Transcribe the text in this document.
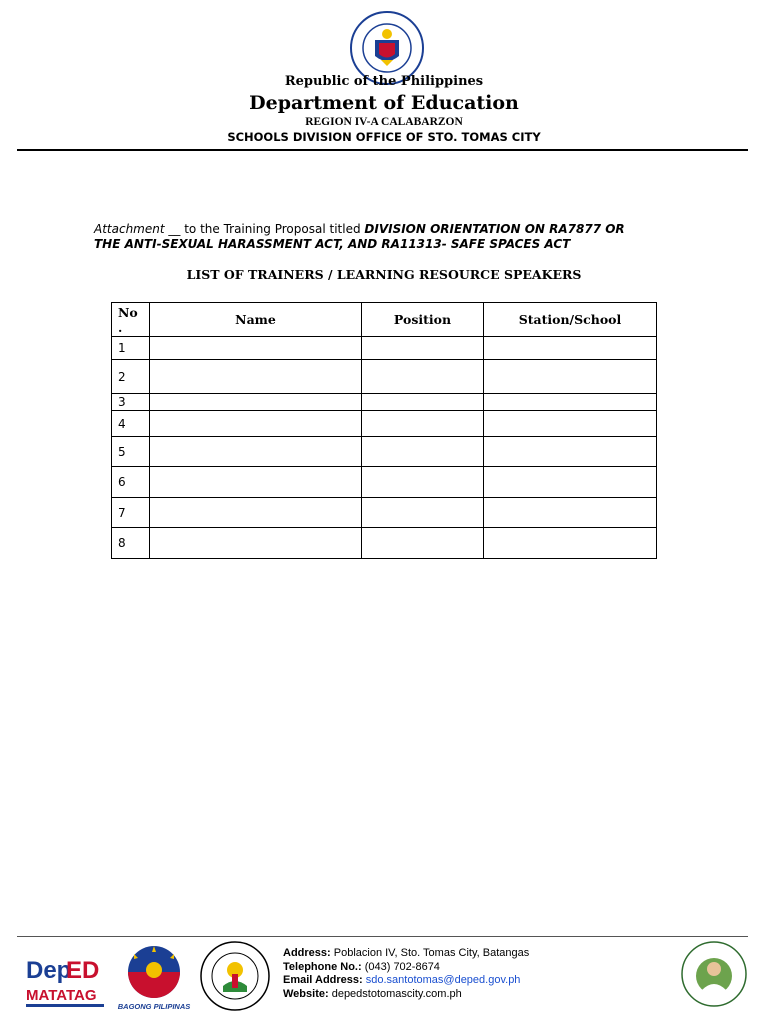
Republic of the Philippines
Department of Education
REGION IV-A CALABARZON
SCHOOLS DIVISION OFFICE OF STO. TOMAS CITY
Attachment __ to the Training Proposal titled DIVISION ORIENTATION ON RA7877 OR
THE ANTI-SEXUAL HARASSMENT ACT, AND RA11313- SAFE SPACES ACT
LIST OF TRAINERS / LEARNING RESOURCE SPEAKERS
No
.	Name	Position	Station/School
1			
2			
3			
4			
5			
6			
7			
8			
Dep
ED
MATATAG
BAGONG PILIPINAS
Address: Poblacion IV, Sto. Tomas City, Batangas
Telephone No.: (043) 702-8674
Email Address: sdo.santotomas@deped.gov.ph
Website: depedstotomascity.com.ph
